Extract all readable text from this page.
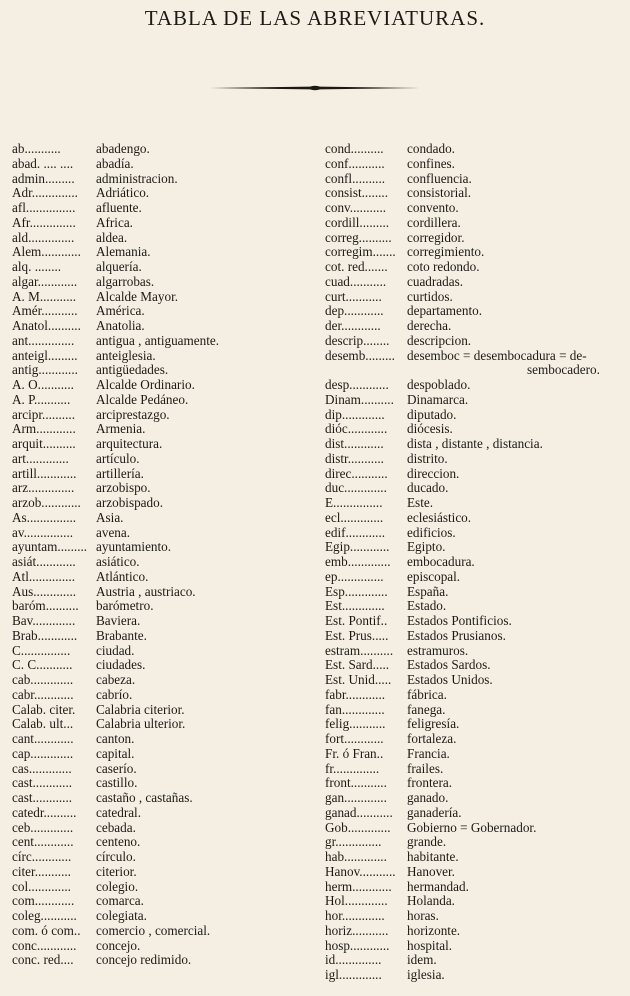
TABLA DE LAS ABREVIATURAS.
ab...........	abadengo.
abad. .... ....	abadía.
admin.........	administracion.
Adr..............	Adriático.
afl...............	afluente.
Afr..............	Africa.
ald..............	aldea.
Alem............	Alemania.
alq. ........	alquería.
algar............	algarrobas.
A. M...........	Alcalde Mayor.
Amér...........	América.
Anatol..........	Anatolia.
ant..............	antigua , antiguamente.
anteigl.........	anteiglesia.
antig............	antigüedades.
A. O...........	Alcalde Ordinario.
A. P...........	Alcalde Pedáneo.
arcipr..........	arciprestazgo.
Arm............	Armenia.
arquit..........	arquitectura.
art.............	artículo.
artill............	artillería.
arz..............	arzobispo.
arzob............	arzobispado.
As...............	Asia.
av...............	avena.
ayuntam......... ayuntamiento.
asiát............	asiático.
Atl..............	Atlántico.
Aus.............	Austria , austriaco.
baróm..........	barómetro.
Bav.............	Baviera.
Brab............	Brabante.
C...............	ciudad.
C. C...........	ciudades.
cab.............	cabeza.
cabr............	cabrío.
Calab. citer.	Calabria citerior.
Calab. ult...	Calabria ulterior.
cant............	canton.
cap.............	capital.
cas.............	caserío.
cast............	castillo.
cast............	castaño , castañas.
catedr..........	catedral.
ceb.............	cebada.
cent............	centeno.
círc............	círculo.
citer...........	citerior.
col.............	colegio.
com............	comarca.
coleg...........	colegiata.
com. ó com..	comercio , comercial.
conc............	concejo.
conc. red....	concejo redimido.
cond..........	condado.
conf...........	confines.
confl..........	confluencia.
consist........	consistorial.
conv...........	convento.
cordill.........	cordillera.
correg..........	corregidor.
corregim....... corregimiento.
cot. red.......	coto redondo.
cuad...........	cuadradas.
curt...........	curtidos.
dep............	departamento.
der............	derecha.
descrip........	descripcion.
desemb......... desemboc = desembocadura = de-
sembocadero.
desp............	despoblado.
Dinam.......... Dinamarca.
dip.............	diputado.
dióc............	diócesis.
dist............	dista , distante , distancia.
distr...........	distrito.
direc...........	direccion.
duc.............	ducado.
E...............	Este.
ecl.............	eclesiástico.
edif............	edificios.
Egip............	Egipto.
emb.............	embocadura.
ep..............	episcopal.
Esp.............	España.
Est.............	Estado.
Est. Pontif..	Estados Pontificios.
Est. Prus.....	Estados Prusianos.
estram..........	estramuros.
Est. Sard.....	Estados Sardos.
Est. Unid.....	Estados Unidos.
fabr............	fábrica.
fan.............	fanega.
felig...........	feligresía.
fort............	fortaleza.
Fr. ó Fran..	Francia.
fr..............	frailes.
front...........	frontera.
gan.............	ganado.
ganad...........	ganadería.
Gob.............	Gobierno = Gobernador.
gr..............	grande.
hab.............	habitante.
Hanov........... Hanover.
herm............	hermandad.
Hol.............	Holanda.
hor.............	horas.
horiz...........	horizonte.
hosp............	hospital.
id..............	idem.
igl.............	iglesia.
